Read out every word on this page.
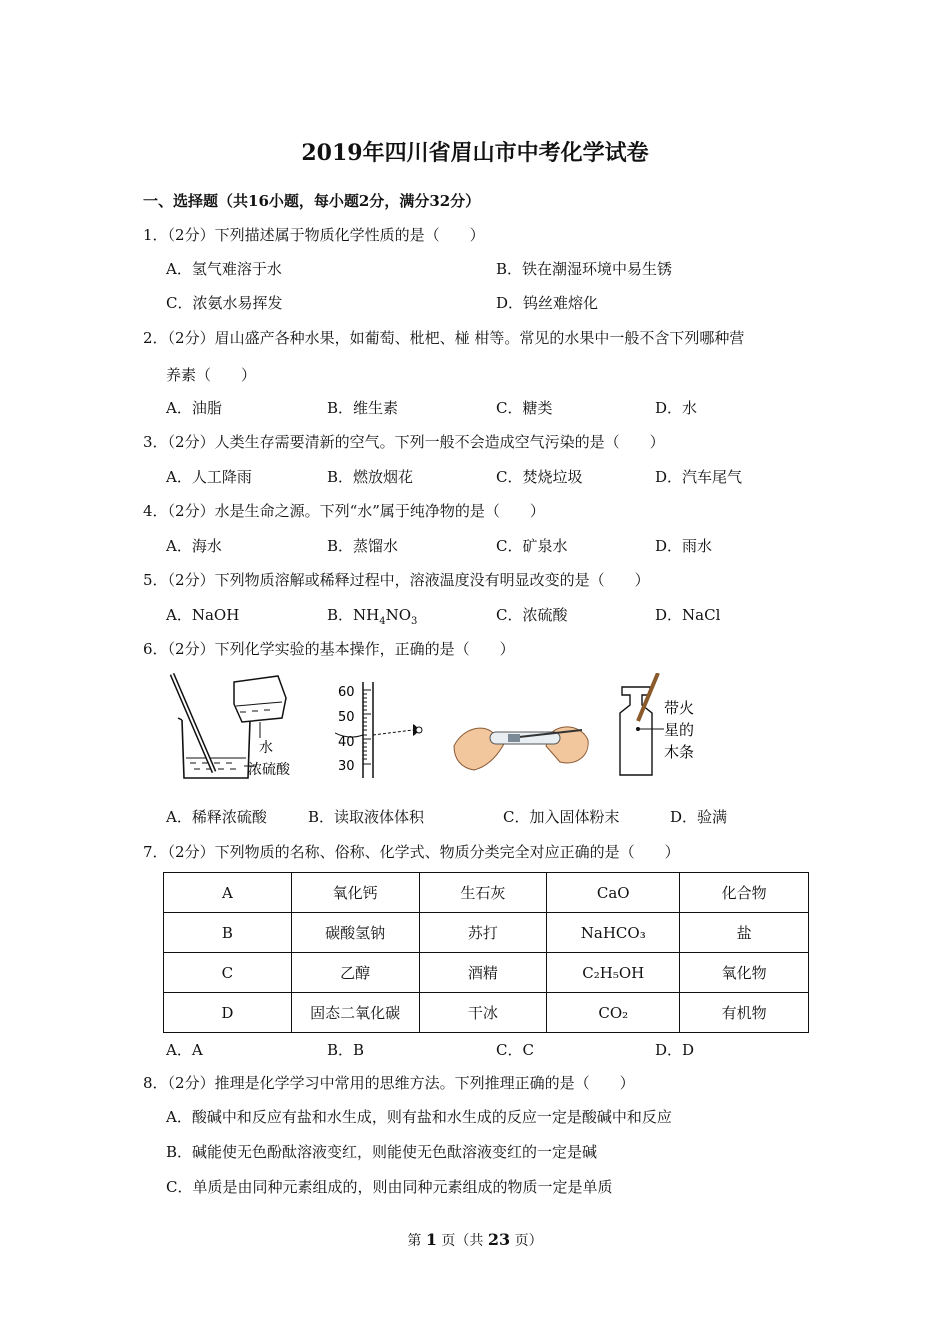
2019年四川省眉山市中考化学试卷
一、选择题（共16小题，每小题2分，满分32分）
1．（2分）下列描述属于物质化学性质的是（　　）
A．氢气难溶于水	B．铁在潮湿环境中易生锈
C．浓氨水易挥发	D．钨丝难熔化
2．（2分）眉山盛产各种水果，如葡萄、枇杷、椪 柑等。常见的水果中一般不含下列哪种营
养素（　　）
A．油脂	B．维生素	C．糖类	D．水
3．（2分）人类生存需要清新的空气。下列一般不会造成空气污染的是（　　）
A．人工降雨	B．燃放烟花	C．焚烧垃圾	D．汽车尾气
4．（2分）水是生命之源。下列“水”属于纯净物的是（　　）
A．海水	B．蒸馏水	C．矿泉水	D．雨水
5．（2分）下列物质溶解或稀释过程中，溶液温度没有明显改变的是（　　）
A．NaOH	B．$NH_4NO_3$	C．浓硫酸	D．NaCl
6．（2分）下列化学实验的基本操作，正确的是（　　）
水
浓硫酸
60
50
40
30
带火
星的
木条
A．稀释浓硫酸	B．读取液体体积	C．加入固体粉末	D．验满
7．（2分）下列物质的名称、俗称、化学式、物质分类完全对应正确的是（　　）
A	氧化钙	生石灰	CaO	化合物
B	碳酸氢钠	苏打	NaHCO₃	盐
C	乙醇	酒精	C₂H₅OH	氧化物
D	固态二氧化碳	干冰	CO₂	有机物
A．A	B．B	C．C	D．D
8．（2分）推理是化学学习中常用的思维方法。下列推理正确的是（　　）
A．酸碱中和反应有盐和水生成，则有盐和水生成的反应一定是酸碱中和反应
B．碱能使无色酚酞溶液变红，则能使无色酞溶液变红的一定是碱
C．单质是由同种元素组成的，则由同种元素组成的物质一定是单质
第 1 页（共 23 页）
